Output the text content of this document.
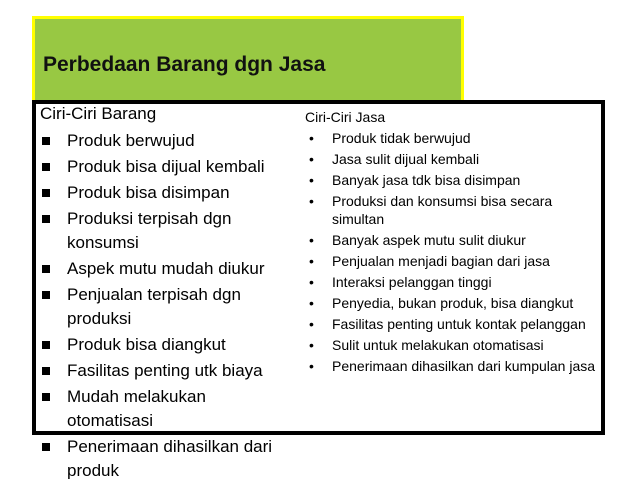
Perbedaan Barang dgn Jasa
Ciri-Ciri Barang
Produk berwujud
Produk bisa dijual kembali
Produk bisa disimpan
Produksi terpisah dgn konsumsi
Aspek mutu mudah diukur
Penjualan terpisah dgn produksi
Produk bisa diangkut
Fasilitas penting utk biaya
Mudah melakukan otomatisasi
Penerimaan dihasilkan dari produk
Ciri-Ciri Jasa
• Produk tidak berwujud
• Jasa sulit dijual kembali
• Banyak jasa tdk bisa disimpan
• Produksi dan konsumsi bisa secara simultan
• Banyak aspek mutu sulit diukur
• Penjualan menjadi bagian dari jasa
• Interaksi pelanggan tinggi
• Penyedia, bukan produk, bisa diangkut
• Fasilitas penting untuk kontak pelanggan
• Sulit untuk melakukan otomatisasi
• Penerimaan dihasilkan dari kumpulan jasa
